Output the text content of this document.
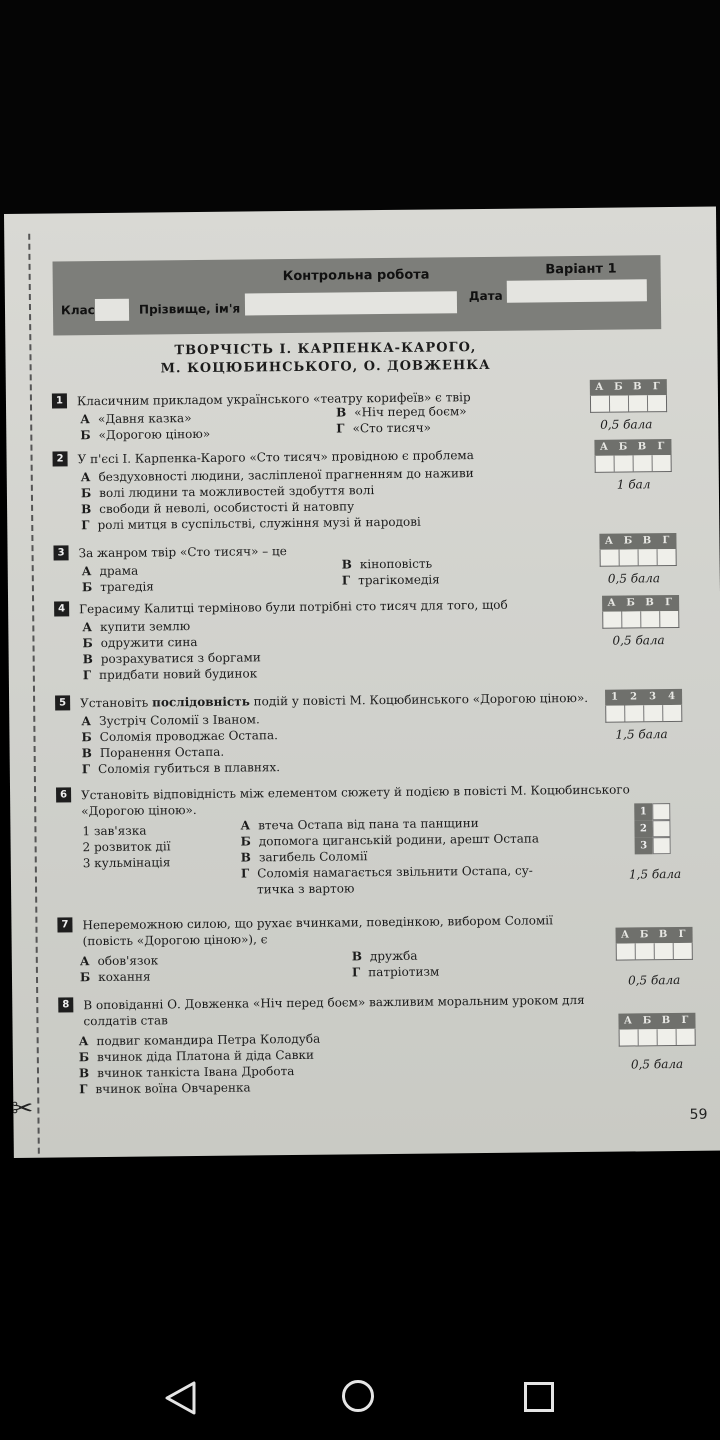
✂
Контрольна робота	Варіант 1
Клас	Прізвище, ім'я
Дата
ТВОРЧІСТЬ І. КАРПЕНКА-КАРОГО,
М. КОЦЮБИНСЬКОГО, О. ДОВЖЕНКА
1 Класичним прикладом українського «театру корифеїв» є твір
А «Давня казка»
Б «Дорогою ціною»
В «Ніч перед боєм»
Г «Сто тисяч»
А	Б	В	Г
0,5 бала
2 У п'єсі І. Карпенка-Карого «Сто тисяч» провідною є проблема
А бездуховності людини, засліпленої прагненням до наживи
Б волі людини та можливостей здобуття волі
В свободи й неволі, особистості й натовпу
Г ролі митця в суспільстві, служіння музі й народові
А	Б	В	Г
1 бал
3 За жанром твір «Сто тисяч» – це
А драма
Б трагедія
В кіноповість
Г трагікомедія
А	Б	В	Г
0,5 бала
4 Герасиму Калитці терміново були потрібні сто тисяч для того, щоб
А купити землю
Б одружити сина
В розрахуватися з боргами
Г придбати новий будинок
А	Б	В	Г
0,5 бала
5 Установіть послідовність подій у повісті М. Коцюбинського «Дорогою ціною».
А Зустріч Соломії з Іваном.
Б Соломія проводжає Остапа.
В Поранення Остапа.
Г Соломія губиться в плавнях.
1	2	3	4
1,5 бала
6 Установіть відповідність між елементом сюжету й подією в повісті М. Коцюбинського «Дорогою ціною».
1 зав'язка
2 розвиток дії
3 кульмінація
А втеча Остапа від пана та панщини
Б допомога циганській родини, арешт Остапа
В загибель Соломії
Г Соломія намагається звільнити Остапа, су-
тичка з вартою
1
2
3
1,5 бала
7 Непереможною силою, що рухає вчинками, поведінкою, вибором Соломії (повість «Дорогою ціною»), є
А обов'язок
Б кохання
В дружба
Г патріотизм
А	Б	В	Г
0,5 бала
8 В оповіданні О. Довженка «Ніч перед боєм» важливим моральним уроком для солдатів став
А подвиг командира Петра Колодуба
Б вчинок діда Платона й діда Савки
В вчинок танкіста Івана Дробота
Г вчинок воїна Овчаренка
А	Б	В	Г
0,5 бала
59
